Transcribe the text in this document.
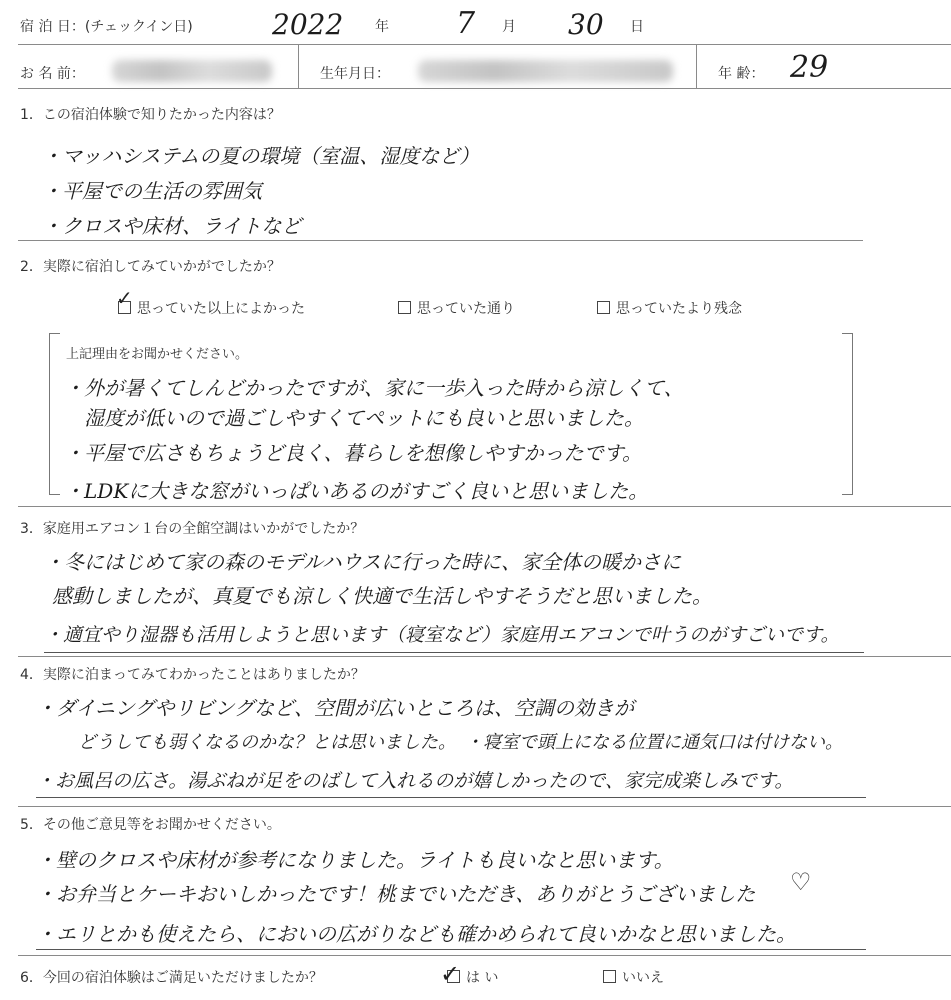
宿 泊 日：(チェックイン日)	2022 年 7 月 30 日
お 名 前：	生年月日：	年 齢： 29
1．この宿泊体験で知りたかった内容は？
・マッハシステムの夏の環境（室温、湿度など）
・平屋での生活の雰囲気
・クロスや床材、ライトなど
2．実際に宿泊してみていかがでしたか？
思っていた以上によかった
✓	思っていた通り	思っていたより残念
上記理由をお聞かせください。
・外が暑くてしんどかったですが、家に一歩入った時から涼しくて、
湿度が低いので過ごしやすくてペットにも良いと思いました。
・平屋で広さもちょうど良く、暮らしを想像しやすかったです。
・LDKに大きな窓がいっぱいあるのがすごく良いと思いました。
3．家庭用エアコン１台の全館空調はいかがでしたか？
・冬にはじめて家の森のモデルハウスに行った時に、家全体の暖かさに
感動しましたが、真夏でも涼しく快適で生活しやすそうだと思いました。
・適宜やり湿器も活用しようと思います（寝室など）家庭用エアコンで叶うのがすごいです。
4．実際に泊まってみてわかったことはありましたか？
・ダイニングやリビングなど、空間が広いところは、空調の効きが
どうしても弱くなるのかな？とは思いました。　・寝室で頭上になる位置に通気口は付けない。
・お風呂の広さ。湯ぶねが足をのばして入れるのが嬉しかったので、家完成楽しみです。
5．その他ご意見等をお聞かせください。
・壁のクロスや床材が参考になりました。ライトも良いなと思います。
・お弁当とケーキおいしかったです！桃までいただき、ありがとうございました ♡
・エリとかも使えたら、においの広がりなども確かめられて良いかなと思いました。
6．今回の宿泊体験はご満足いただけましたか？	は い
✓	いいえ
